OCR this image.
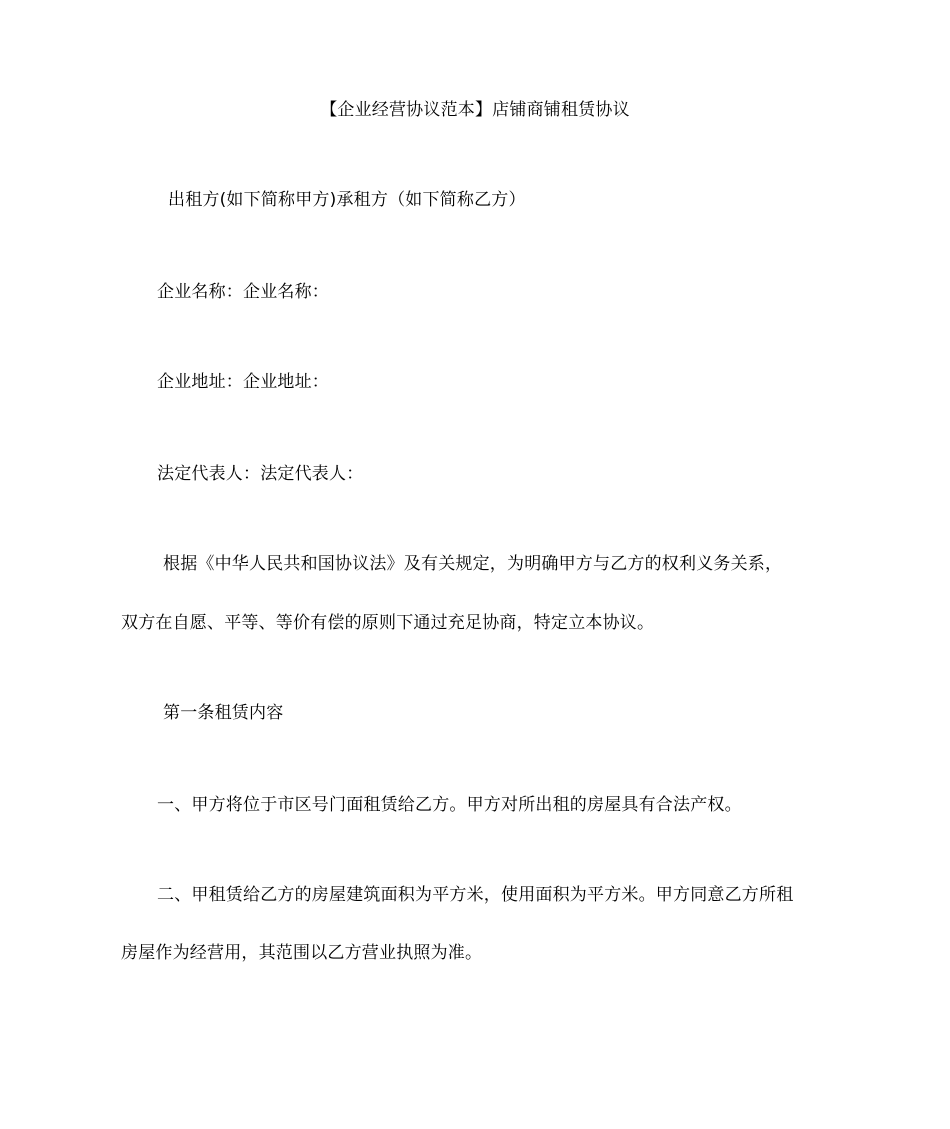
【企业经营协议范本】店铺商铺租赁协议
出租方(如下简称甲方)承租方（如下简称乙方）
企业名称：企业名称：
企业地址：企业地址：
法定代表人：法定代表人：
根据《中华人民共和国协议法》及有关规定，为明确甲方与乙方的权利义务关系，
双方在自愿、平等、等价有偿的原则下通过充足协商，特定立本协议。
第一条租赁内容
一、甲方将位于市区号门面租赁给乙方。甲方对所出租的房屋具有合法产权。
二、甲租赁给乙方的房屋建筑面积为平方米，使用面积为平方米。甲方同意乙方所租
房屋作为经营用，其范围以乙方营业执照为准。
